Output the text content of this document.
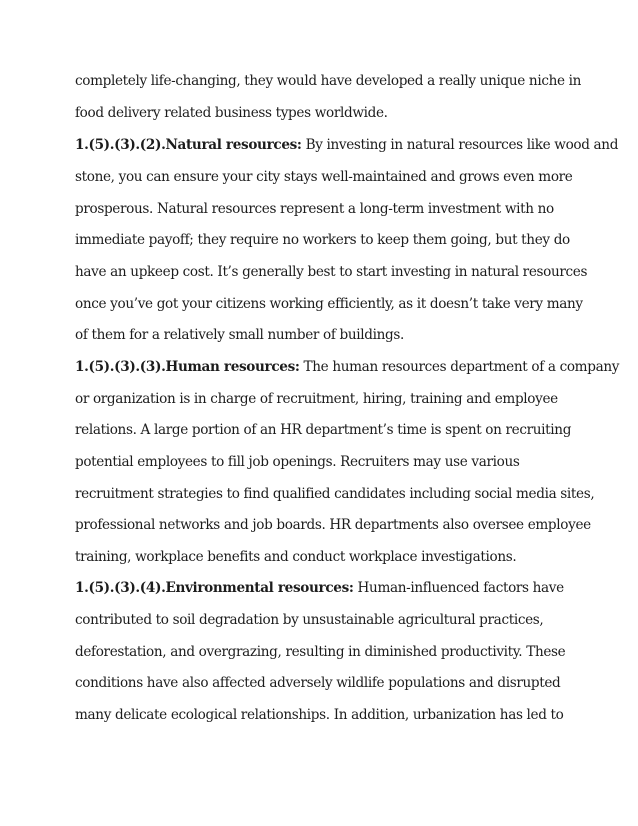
completely life-changing, they would have developed a really unique niche in
food delivery related business types worldwide.
1.(5).(3).(2).Natural resources: By investing in natural resources like wood and
stone, you can ensure your city stays well-maintained and grows even more
prosperous. Natural resources represent a long-term investment with no
immediate payoff; they require no workers to keep them going, but they do
have an upkeep cost. It’s generally best to start investing in natural resources
once you’ve got your citizens working efficiently, as it doesn’t take very many
of them for a relatively small number of buildings.
1.(5).(3).(3).Human resources: The human resources department of a company
or organization is in charge of recruitment, hiring, training and employee
relations. A large portion of an HR department’s time is spent on recruiting
potential employees to fill job openings. Recruiters may use various
recruitment strategies to find qualified candidates including social media sites,
professional networks and job boards. HR departments also oversee employee
training, workplace benefits and conduct workplace investigations.
1.(5).(3).(4).Environmental resources: Human-influenced factors have
contributed to soil degradation by unsustainable agricultural practices,
deforestation, and overgrazing, resulting in diminished productivity. These
conditions have also affected adversely wildlife populations and disrupted
many delicate ecological relationships. In addition, urbanization has led to
